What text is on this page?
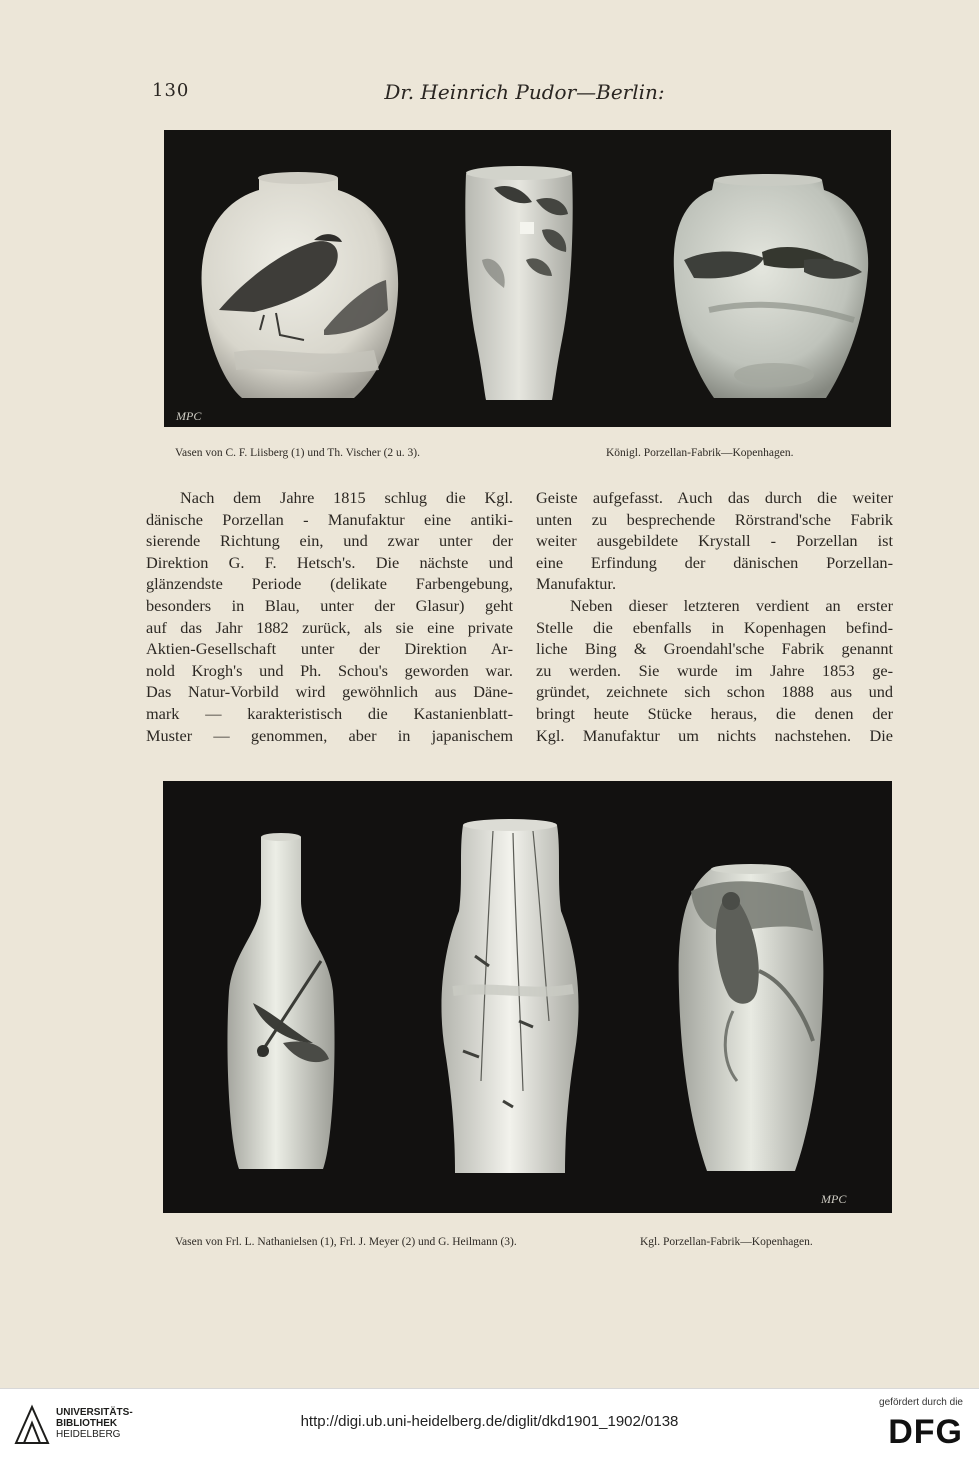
130	Dr. Heinrich Pudor—Berlin:
MPC
Vasen von C. F. Liisberg (1) und Th. Vischer (2 u. 3).	Königl. Porzellan-Fabrik—Kopenhagen.
Nach dem Jahre 1815 schlug die Kgl.
dänische Porzellan - Manufaktur eine antiki-
sierende Richtung ein, und zwar unter der
Direktion G. F. Hetsch's. Die nächste und
glänzendste Periode (delikate Farbengebung,
besonders in Blau, unter der Glasur) geht
auf das Jahr 1882 zurück, als sie eine private
Aktien-Gesellschaft unter der Direktion Ar-
nold Krogh's und Ph. Schou's geworden war.
Das Natur-Vorbild wird gewöhnlich aus Däne-
mark — karakteristisch die Kastanienblatt-
Muster — genommen, aber in japanischem
Geiste aufgefasst. Auch das durch die weiter
unten zu besprechende Rörstrand'sche Fabrik
weiter ausgebildete Krystall - Porzellan ist
eine Erfindung der dänischen Porzellan-
Manufaktur.
Neben dieser letzteren verdient an erster
Stelle die ebenfalls in Kopenhagen befind-
liche Bing & Groendahl'sche Fabrik genannt
zu werden. Sie wurde im Jahre 1853 ge-
gründet, zeichnete sich schon 1888 aus und
bringt heute Stücke heraus, die denen der
Kgl. Manufaktur um nichts nachstehen. Die
MPC
Vasen von Frl. L. Nathanielsen (1), Frl. J. Meyer (2) und G. Heilmann (3).	Kgl. Porzellan-Fabrik—Kopenhagen.
UNIVERSITÄTS-
BIBLIOTHEK
HEIDELBERG
http://digi.ub.uni-heidelberg.de/diglit/dkd1901_1902/0138
gefördert durch die
DFG
